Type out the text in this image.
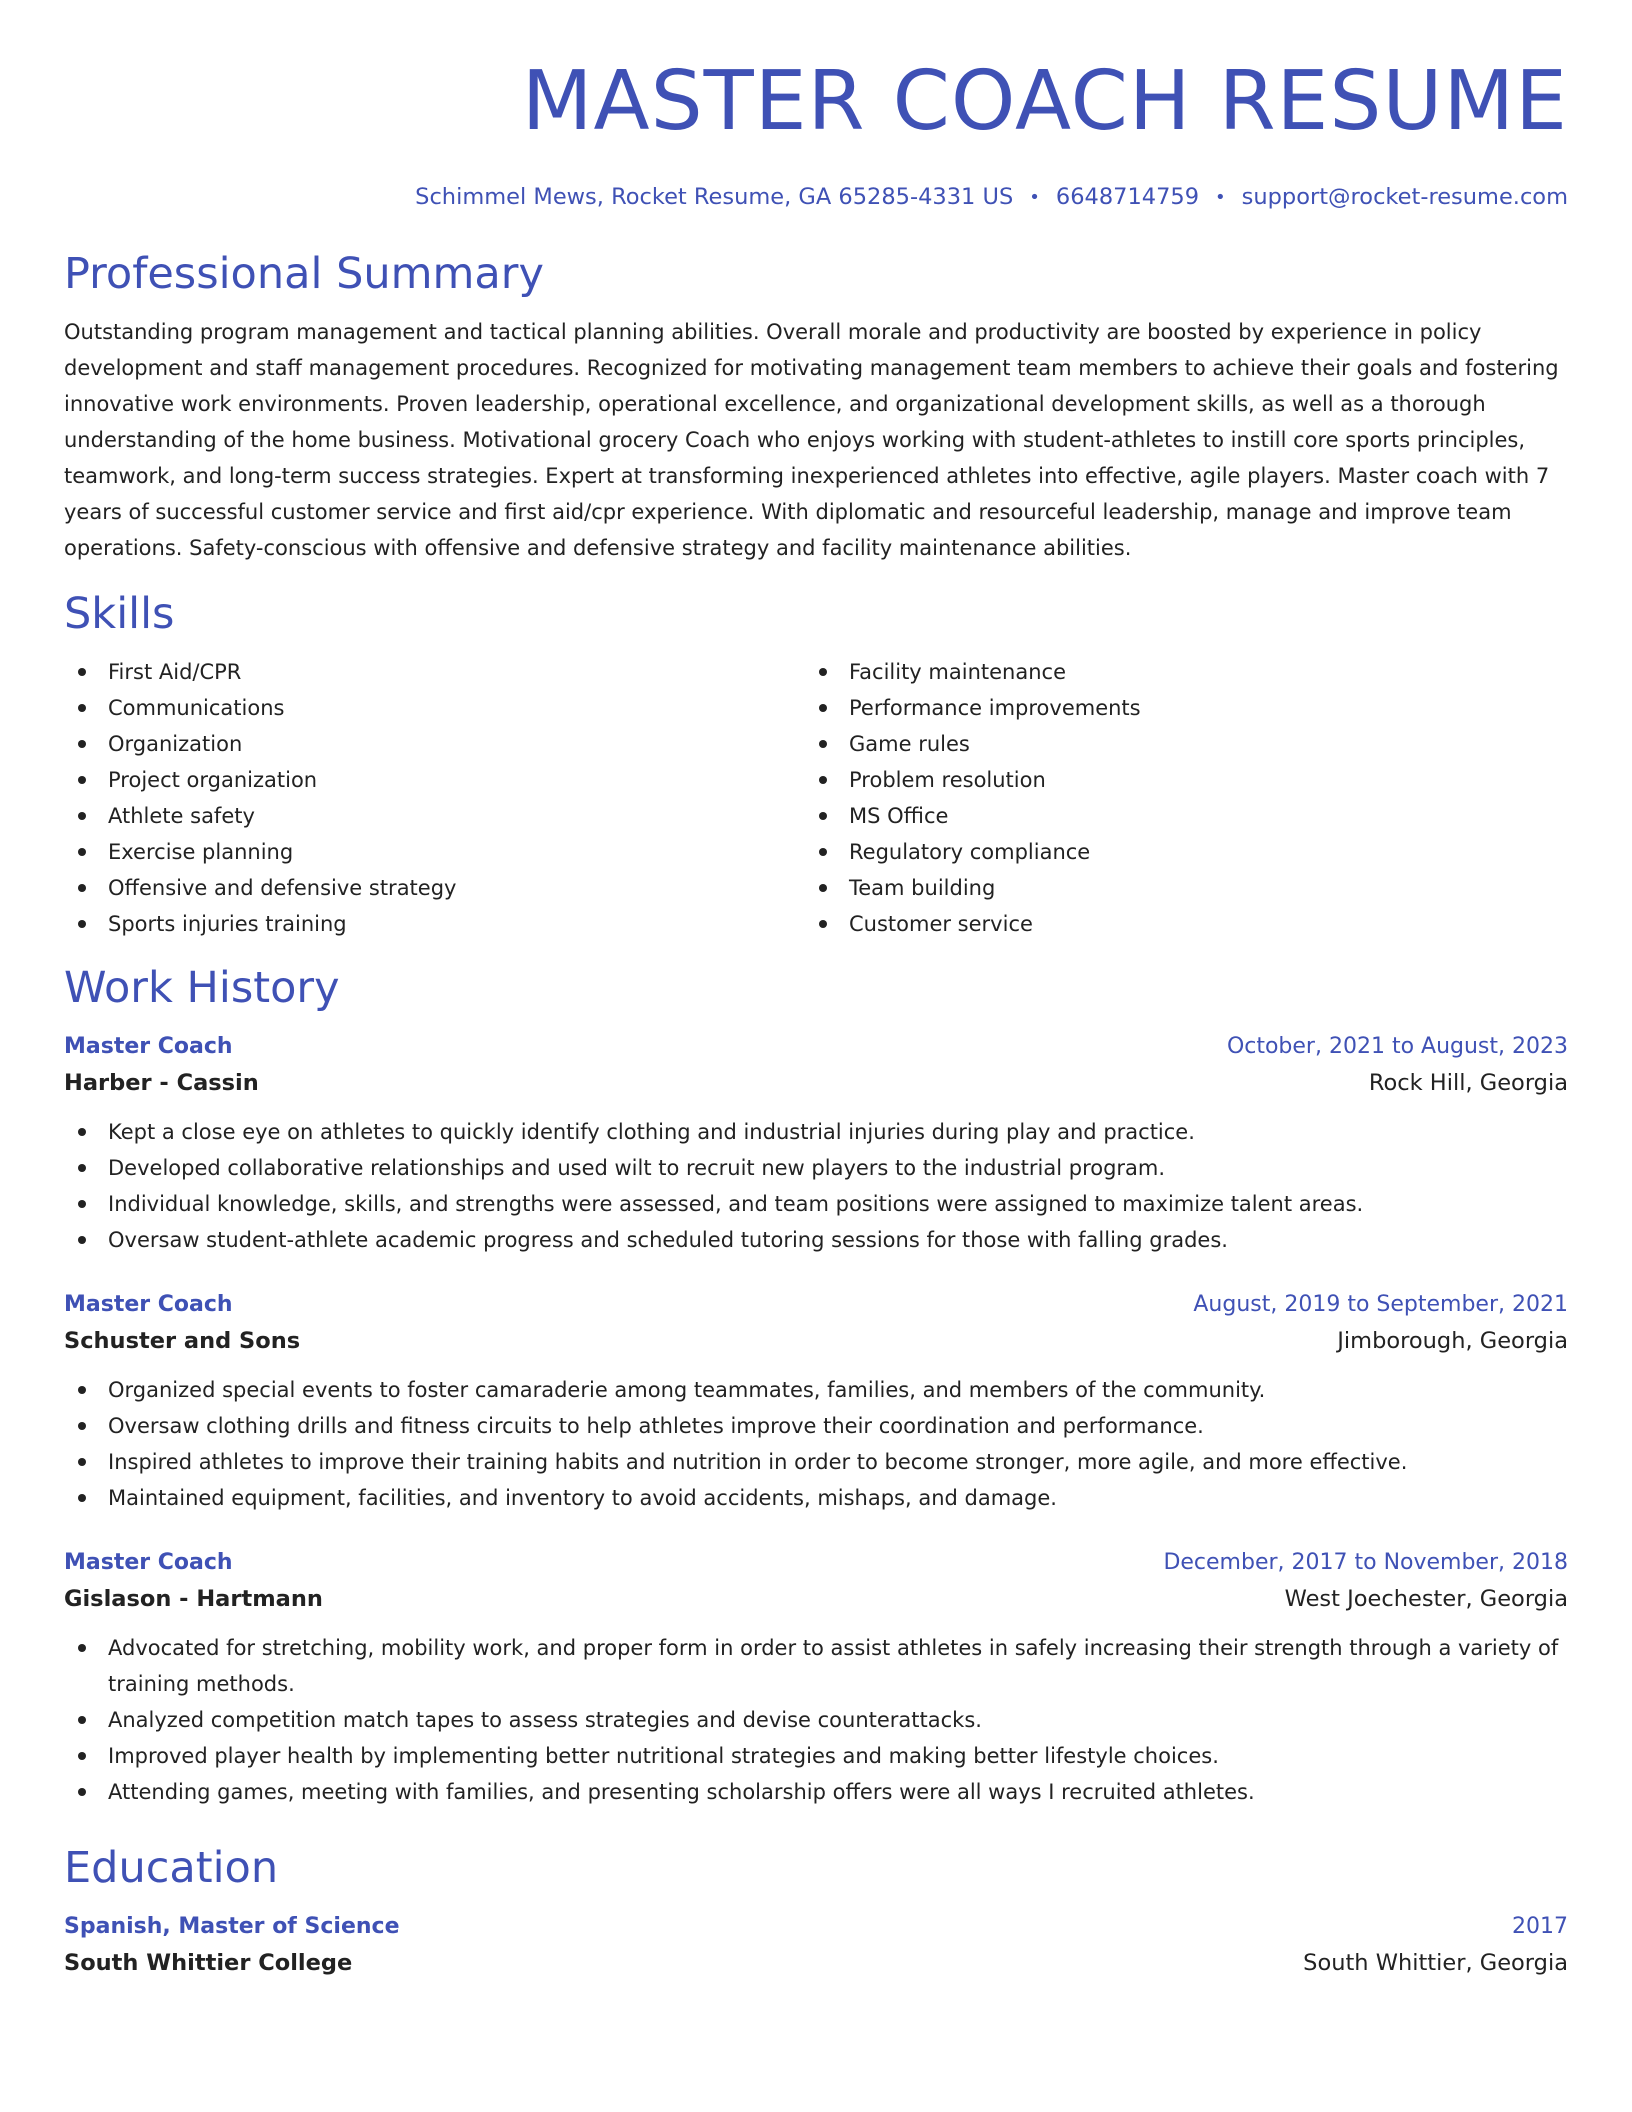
MASTER COACH RESUME
Schimmel Mews, Rocket Resume, GA 65285-4331 US • 6648714759 • support@rocket-resume.com
Professional Summary
Outstanding program management and tactical planning abilities. Overall morale and productivity are boosted by experience in policy development and staff management procedures. Recognized for motivating management team members to achieve their goals and fostering innovative work environments. Proven leadership, operational excellence, and organizational development skills, as well as a thorough understanding of the home business. Motivational grocery Coach who enjoys working with student-athletes to instill core sports principles, teamwork, and long-term success strategies. Expert at transforming inexperienced athletes into effective, agile players. Master coach with 7 years of successful customer service and first aid/cpr experience. With diplomatic and resourceful leadership, manage and improve team operations. Safety-conscious with offensive and defensive strategy and facility maintenance abilities.
Skills
First Aid/CPR
Communications
Organization
Project organization
Athlete safety
Exercise planning
Offensive and defensive strategy
Sports injuries training
Facility maintenance
Performance improvements
Game rules
Problem resolution
MS Office
Regulatory compliance
Team building
Customer service
Work History
Master Coach	October, 2021 to August, 2023
Harber - Cassin	Rock Hill, Georgia
Kept a close eye on athletes to quickly identify clothing and industrial injuries during play and practice.
Developed collaborative relationships and used wilt to recruit new players to the industrial program.
Individual knowledge, skills, and strengths were assessed, and team positions were assigned to maximize talent areas.
Oversaw student-athlete academic progress and scheduled tutoring sessions for those with falling grades.
Master Coach	August, 2019 to September, 2021
Schuster and Sons	Jimborough, Georgia
Organized special events to foster camaraderie among teammates, families, and members of the community.
Oversaw clothing drills and fitness circuits to help athletes improve their coordination and performance.
Inspired athletes to improve their training habits and nutrition in order to become stronger, more agile, and more effective.
Maintained equipment, facilities, and inventory to avoid accidents, mishaps, and damage.
Master Coach	December, 2017 to November, 2018
Gislason - Hartmann	West Joechester, Georgia
Advocated for stretching, mobility work, and proper form in order to assist athletes in safely increasing their strength through a variety of training methods.
Analyzed competition match tapes to assess strategies and devise counterattacks.
Improved player health by implementing better nutritional strategies and making better lifestyle choices.
Attending games, meeting with families, and presenting scholarship offers were all ways I recruited athletes.
Education
Spanish, Master of Science	2017
South Whittier College	South Whittier, Georgia
